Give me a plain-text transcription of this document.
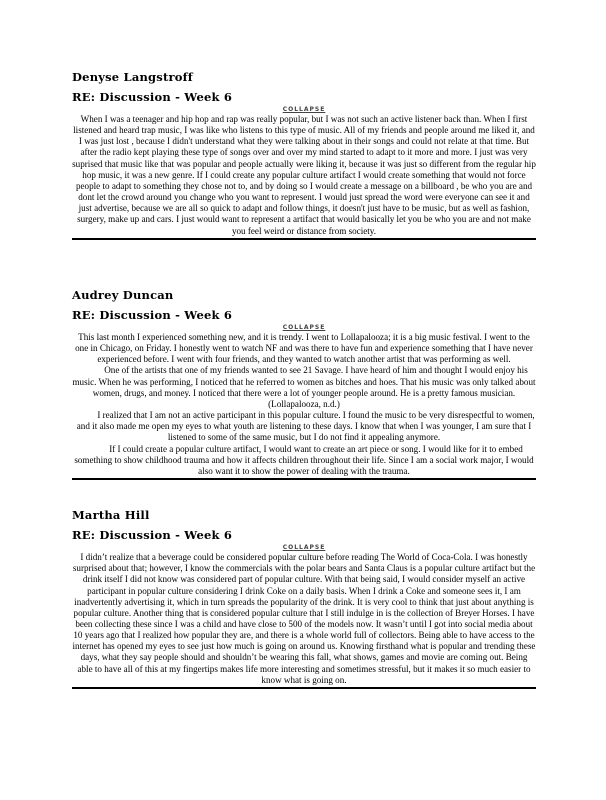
Denyse Langstroff
RE: Discussion - Week 6
COLLAPSE

When I was a teenager and hip hop and rap was really popular, but I was not such an active listener back than. When I first listened and heard trap music, I was like who listens to this type of music. All of my friends and people around me liked it, and I was just lost , because I didn't understand what they were talking about in their songs and could not relate at that time. But after the radio kept playing these type of songs over and over my mind started to adapt to it more and more. I just was very suprised that music like that was popular and people actually were liking it, because it was just so different from the regular hip hop music, it was a new genre. If I could create any popular culture artifact I would create something that would not force people to adapt to something they chose not to, and by doing so I would create a message on a billboard , be who you are and dont let the crowd around you change who you want to represent. I would just spread the word were everyone can see it and just advertise, because we are all so quick to adapt and follow things, it doesn't just have to be music, but as well as fashion, surgery, make up and cars. I just would want to represent a artifact that would basically let you be who you are and not make you feel weird or distance from society.

Audrey Duncan
RE: Discussion - Week 6
COLLAPSE

This last month I experienced something new, and it is trendy. I went to Lollapalooza; it is a big music festival. I went to the one in Chicago, on Friday. I honestly went to watch NF and was there to have fun and experience something that I have never experienced before. I went with four friends, and they wanted to watch another artist that was performing as well.

One of the artists that one of my friends wanted to see 21 Savage. I have heard of him and thought I would enjoy his music. When he was performing, I noticed that he referred to women as bitches and hoes. That his music was only talked about women, drugs, and money. I noticed that there were a lot of younger people around. He is a pretty famous musician. (Lollapalooza, n.d.)

I realized that I am not an active participant in this popular culture. I found the music to be very disrespectful to women, and it also made me open my eyes to what youth are listening to these days. I know that when I was younger, I am sure that I listened to some of the same music, but I do not find it appealing anymore.

If I could create a popular culture artifact, I would want to create an art piece or song. I would like for it to embed something to show childhood trauma and how it affects children throughout their life. Since I am a social work major, I would also want it to show the power of dealing with the trauma.

Martha Hill
RE: Discussion - Week 6
COLLAPSE

I didn’t realize that a beverage could be considered popular culture before reading The World of Coca-Cola. I was honestly surprised about that; however, I know the commercials with the polar bears and Santa Claus is a popular culture artifact but the drink itself I did not know was considered part of popular culture. With that being said, I would consider myself an active participant in popular culture considering I drink Coke on a daily basis. When I drink a Coke and someone sees it, I am inadvertently advertising it, which in turn spreads the popularity of the drink. It is very cool to think that just about anything is popular culture. Another thing that is considered popular culture that I still indulge in is the collection of Breyer Horses. I have been collecting these since I was a child and have close to 500 of the models now. It wasn’t until I got into social media about 10 years ago that I realized how popular they are, and there is a whole world full of collectors. Being able to have access to the internet has opened my eyes to see just how much is going on around us. Knowing firsthand what is popular and trending these days, what they say people should and shouldn’t be wearing this fall, what shows, games and movie are coming out. Being able to have all of this at my fingertips makes life more interesting and sometimes stressful, but it makes it so much easier to know what is going on.
